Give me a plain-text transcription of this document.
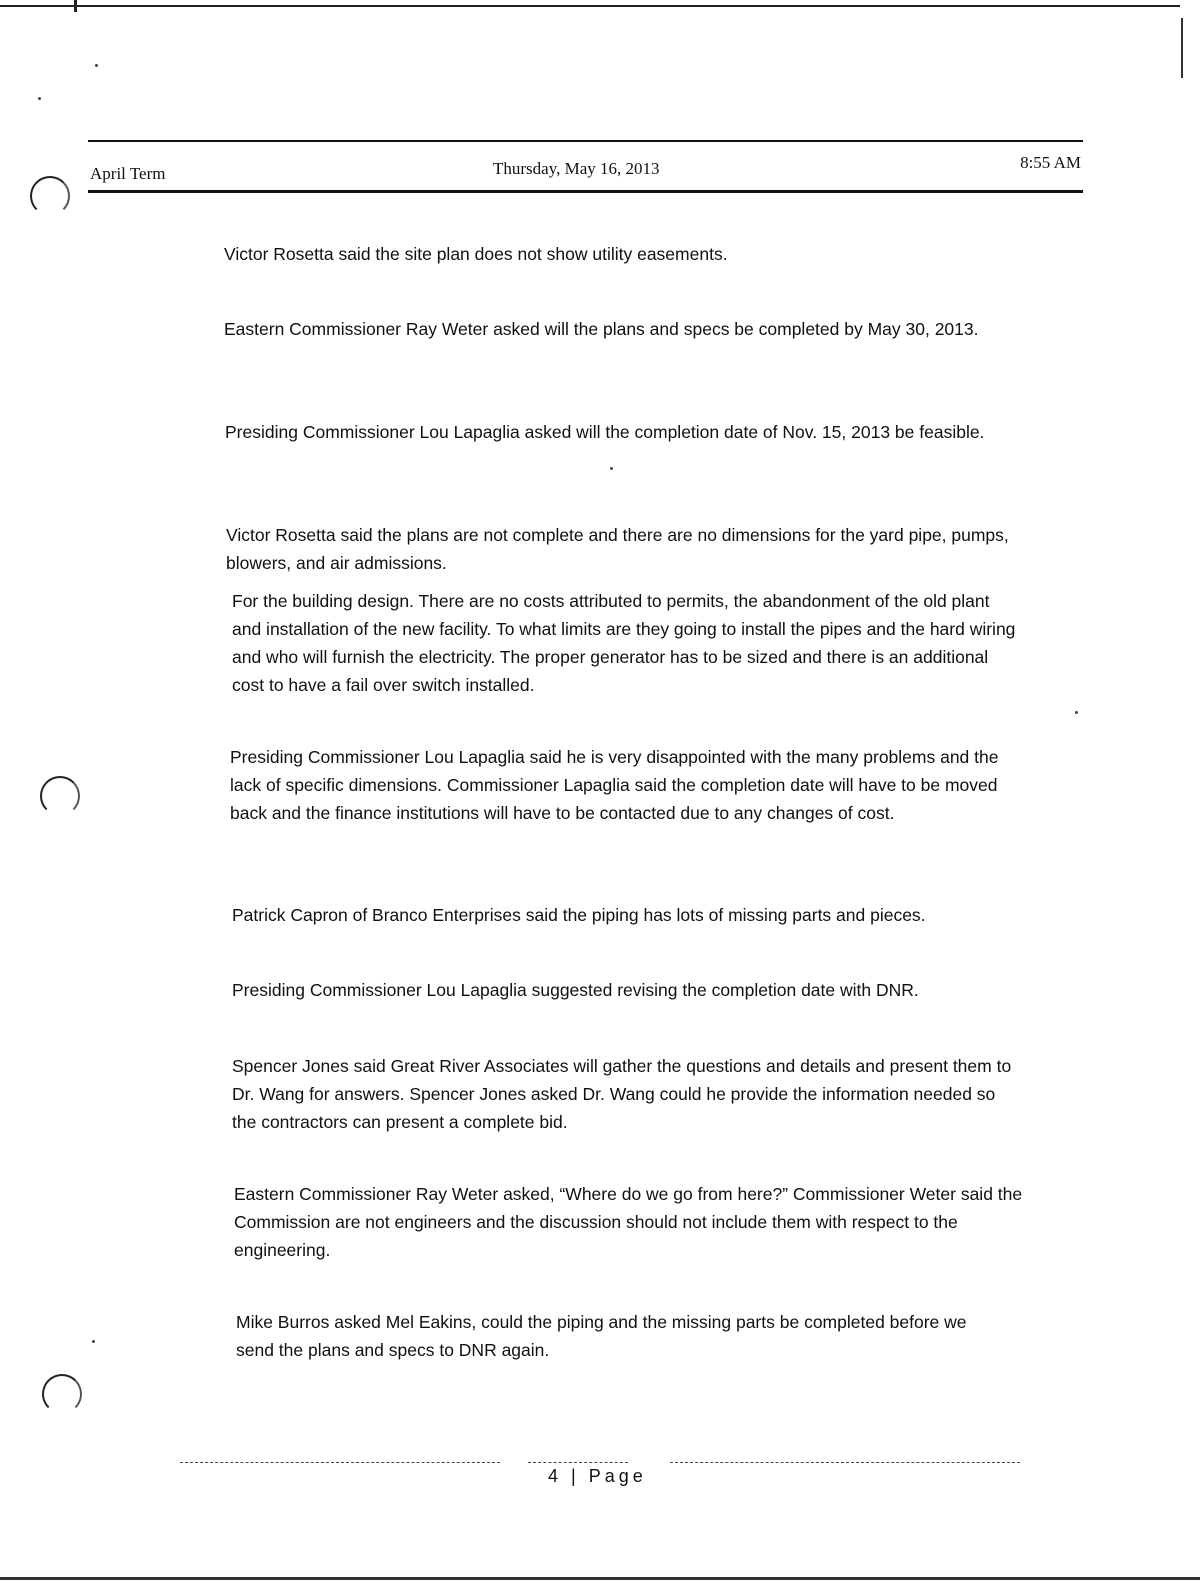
April Term	Thursday, May 16, 2013	8:55 AM

Victor Rosetta said the site plan does not show utility easements.

Eastern Commissioner Ray Weter asked will the plans and specs be completed by May 30, 2013.

Presiding Commissioner Lou Lapaglia asked will the completion date of Nov. 15, 2013 be feasible.

Victor Rosetta said the plans are not complete and there are no dimensions for the yard pipe, pumps, blowers, and air admissions.

For the building design. There are no costs attributed to permits, the abandonment of the old plant and installation of the new facility. To what limits are they going to install the pipes and the hard wiring and who will furnish the electricity. The proper generator has to be sized and there is an additional cost to have a fail over switch installed.

Presiding Commissioner Lou Lapaglia said he is very disappointed with the many problems and the lack of specific dimensions. Commissioner Lapaglia said the completion date will have to be moved back and the finance institutions will have to be contacted due to any changes of cost.

Patrick Capron of Branco Enterprises said the piping has lots of missing parts and pieces.

Presiding Commissioner Lou Lapaglia suggested revising the completion date with DNR.

Spencer Jones said Great River Associates will gather the questions and details and present them to Dr. Wang for answers. Spencer Jones asked Dr. Wang could he provide the information needed so the contractors can present a complete bid.

Eastern Commissioner Ray Weter asked, “Where do we go from here?” Commissioner Weter said the Commission are not engineers and the discussion should not include them with respect to the engineering.

Mike Burros asked Mel Eakins, could the piping and the missing parts be completed before we send the plans and specs to DNR again.

4 | Page
